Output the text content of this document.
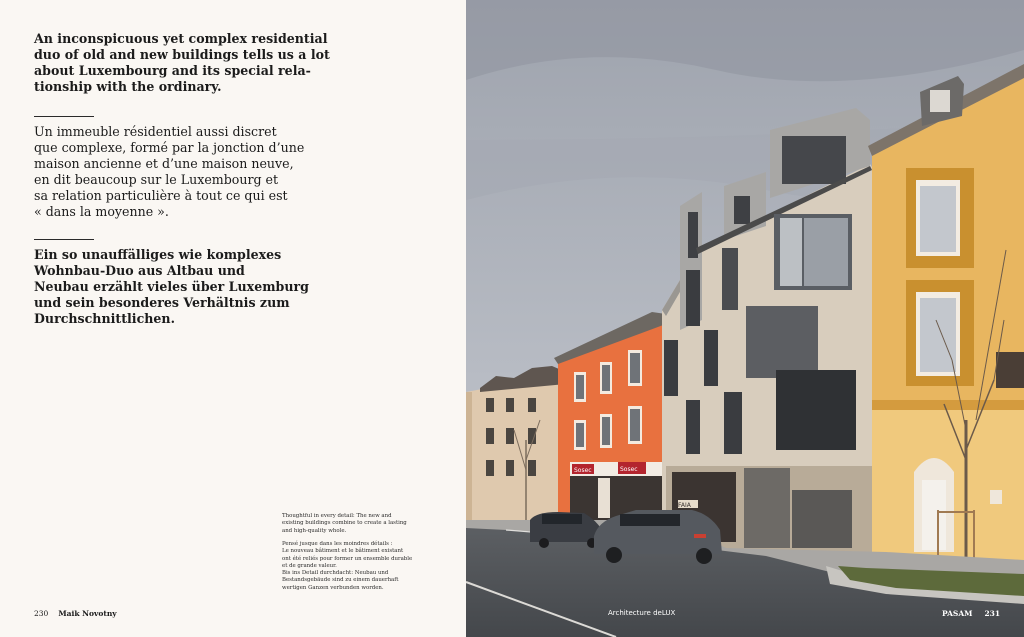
An inconspicuous yet complex residential
duo of old and new buildings tells us a lot
about Luxembourg and its special rela-
tionship with the ordinary.

Un immeuble résidentiel aussi discret
que complexe, formé par la jonction d’une
maison ancienne et d’une maison neuve,
en dit beaucoup sur le Luxembourg et
sa relation particulière à tout ce qui est
« dans la moyenne ».

Ein so unauffälliges wie komplexes
Wohnbau-Duo aus Altbau und
Neubau erzählt vieles über Luxemburg
und sein besonderes Verhältnis zum
Durchschnittlichen.

Thoughtful in every detail: The new and
existing buildings combine to create a lasting
and high-quality whole.

Pensé jusque dans les moindres détails :
Le nouveau bâtiment et le bâtiment existant
ont été reliés pour former un ensemble durable
et de grande valeur.

Bis ins Detail durchdacht: Neubau und
Bestandsgebäude sind zu einem dauerhaft
wertigen Ganzen verbunden worden.

230 Maik Novotny
Sosec	Sosec
FAIA
Architecture deLUX	PASAM 231
